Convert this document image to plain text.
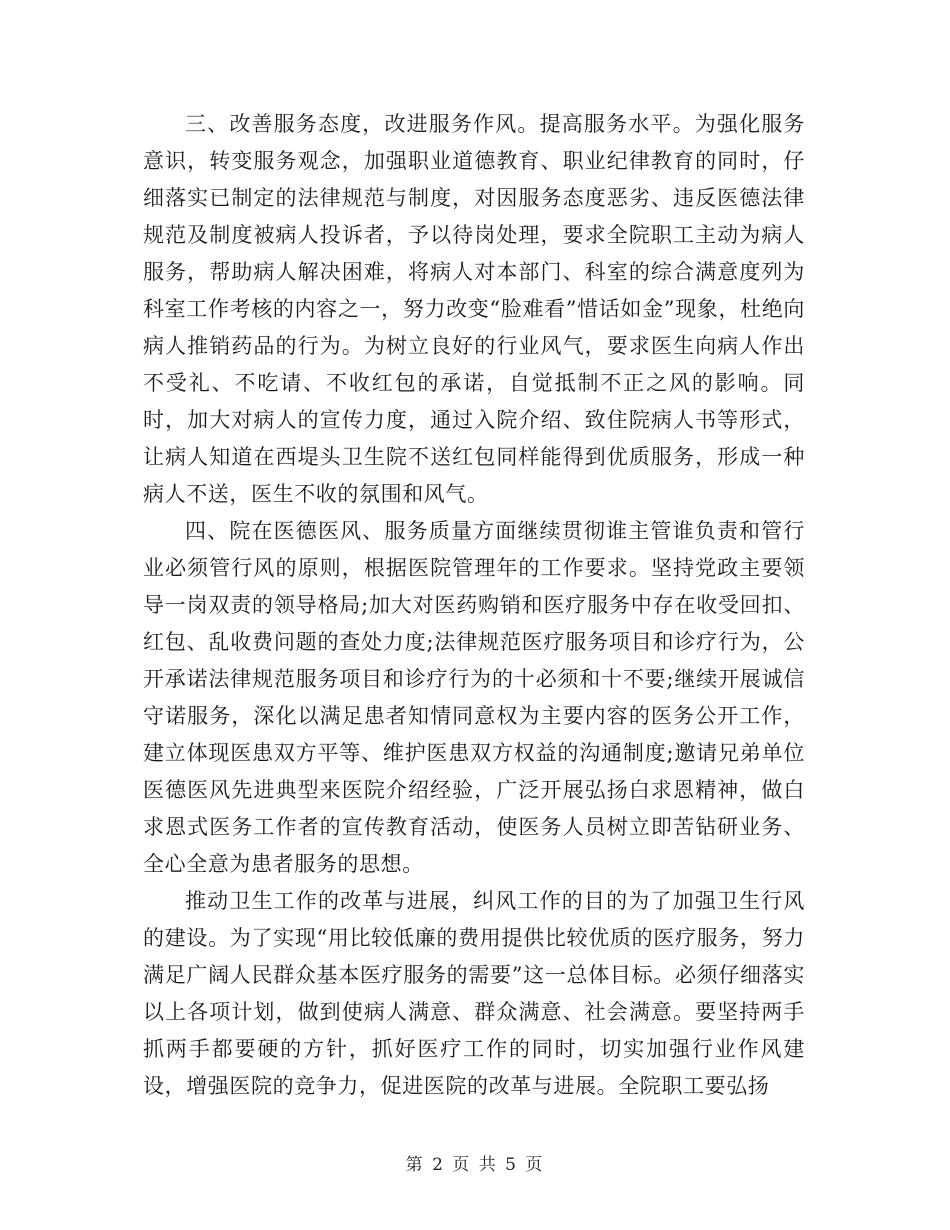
三、改善服务态度，改进服务作风。提高服务水平。为强化服务意识，转变服务观念，加强职业道德教育、职业纪律教育的同时，仔细落实已制定的法律规范与制度，对因服务态度恶劣、违反医德法律规范及制度被病人投诉者，予以待岗处理，要求全院职工主动为病人服务，帮助病人解决困难，将病人对本部门、科室的综合满意度列为科室工作考核的内容之一，努力改变“脸难看”惜话如金”现象，杜绝向病人推销药品的行为。为树立良好的行业风气，要求医生向病人作出不受礼、不吃请、不收红包的承诺，自觉抵制不正之风的影响。同时，加大对病人的宣传力度，通过入院介绍、致住院病人书等形式，让病人知道在西堤头卫生院不送红包同样能得到优质服务，形成一种病人不送，医生不收的氛围和风气。

四、院在医德医风、服务质量方面继续贯彻谁主管谁负责和管行业必须管行风的原则，根据医院管理年的工作要求。坚持党政主要领导一岗双责的领导格局;加大对医药购销和医疗服务中存在收受回扣、红包、乱收费问题的查处力度;法律规范医疗服务项目和诊疗行为，公开承诺法律规范服务项目和诊疗行为的十必须和十不要;继续开展诚信守诺服务，深化以满足患者知情同意权为主要内容的医务公开工作，建立体现医患双方平等、维护医患双方权益的沟通制度;邀请兄弟单位医德医风先进典型来医院介绍经验，广泛开展弘扬白求恩精神，做白求恩式医务工作者的宣传教育活动，使医务人员树立即苦钻研业务、全心全意为患者服务的思想。

推动卫生工作的改革与进展，纠风工作的目的为了加强卫生行风的建设。为了实现“用比较低廉的费用提供比较优质的医疗服务，努力满足广阔人民群众基本医疗服务的需要”这一总体目标。必须仔细落实以上各项计划，做到使病人满意、群众满意、社会满意。要坚持两手抓两手都要硬的方针，抓好医疗工作的同时，切实加强行业作风建设，增强医院的竞争力，促进医院的改革与进展。全院职工要弘扬

第 2 页 共 5 页
